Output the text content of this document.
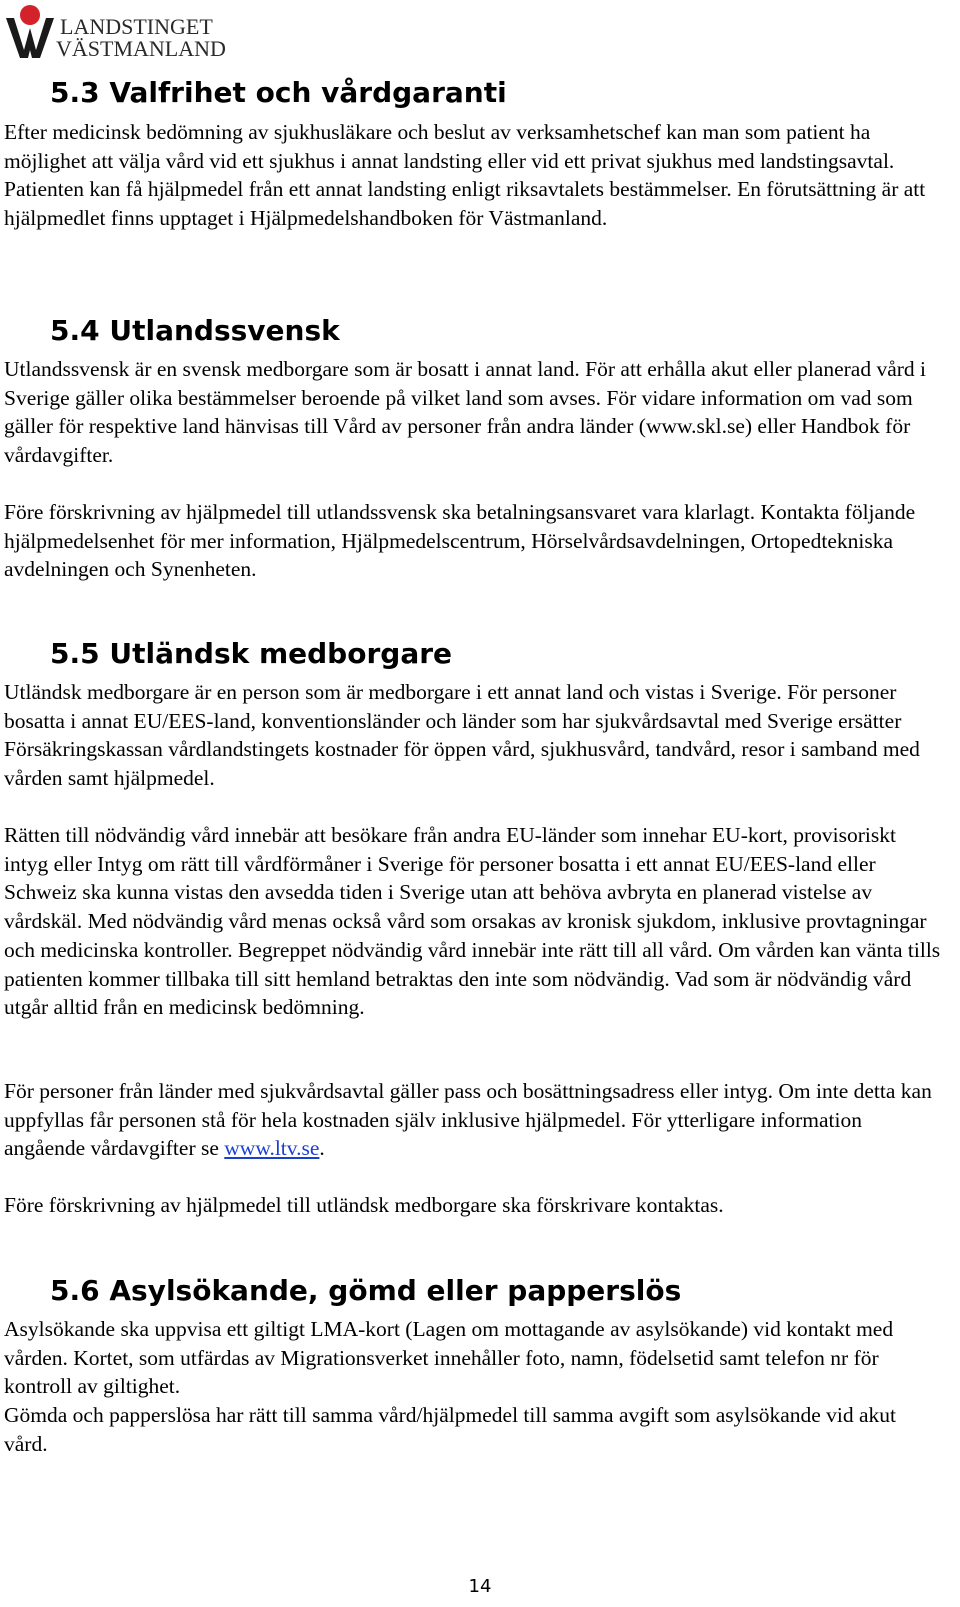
LANDSTINGET
VÄSTMANLAND
5.3 Valfrihet och vårdgaranti

Efter medicinsk bedömning av sjukhusläkare och beslut av verksamhetschef kan man som patient ha möjlighet att välja vård vid ett sjukhus i annat landsting eller vid ett privat sjukhus med landstingsavtal. Patienten kan få hjälpmedel från ett annat landsting enligt riksavtalets bestämmelser. En förutsättning är att hjälpmedlet finns upptaget i Hjälpmedelshandboken för Västmanland.

5.4 Utlandssvensk

Utlandssvensk är en svensk medborgare som är bosatt i annat land. För att erhålla akut eller planerad vård i Sverige gäller olika bestämmelser beroende på vilket land som avses. För vidare information om vad som gäller för respektive land hänvisas till Vård av personer från andra länder (www.skl.se) eller Handbok för vårdavgifter.

Före förskrivning av hjälpmedel till utlandssvensk ska betalningsansvaret vara klarlagt. Kontakta följande hjälpmedelsenhet för mer information, Hjälpmedelscentrum, Hörselvårdsavdelningen, Ortopedtekniska avdelningen och Synenheten.

5.5 Utländsk medborgare

Utländsk medborgare är en person som är medborgare i ett annat land och vistas i Sverige. För personer bosatta i annat EU/EES-land, konventionsländer och länder som har sjukvårdsavtal med Sverige ersätter Försäkringskassan vårdlandstingets kostnader för öppen vård, sjukhusvård, tandvård, resor i samband med vården samt hjälpmedel.

Rätten till nödvändig vård innebär att besökare från andra EU-länder som innehar EU-kort, provisoriskt intyg eller Intyg om rätt till vårdförmåner i Sverige för personer bosatta i ett annat EU/EES-land eller Schweiz ska kunna vistas den avsedda tiden i Sverige utan att behöva avbryta en planerad vistelse av vårdskäl. Med nödvändig vård menas också vård som orsakas av kronisk sjukdom, inklusive provtagningar och medicinska kontroller. Begreppet nödvändig vård innebär inte rätt till all vård. Om vården kan vänta tills patienten kommer tillbaka till sitt hemland betraktas den inte som nödvändig. Vad som är nödvändig vård utgår alltid från en medicinsk bedömning.

För personer från länder med sjukvårdsavtal gäller pass och bosättningsadress eller intyg. Om inte detta kan uppfyllas får personen stå för hela kostnaden själv inklusive hjälpmedel. För ytterligare information angående vårdavgifter se www.ltv.se.

Före förskrivning av hjälpmedel till utländsk medborgare ska förskrivare kontaktas.

5.6 Asylsökande, gömd eller papperslös

Asylsökande ska uppvisa ett giltigt LMA-kort (Lagen om mottagande av asylsökande) vid kontakt med vården. Kortet, som utfärdas av Migrationsverket innehåller foto, namn, födelsetid samt telefon nr för kontroll av giltighet.

Gömda och papperslösa har rätt till samma vård/hjälpmedel till samma avgift som asylsökande vid akut vård.

14
